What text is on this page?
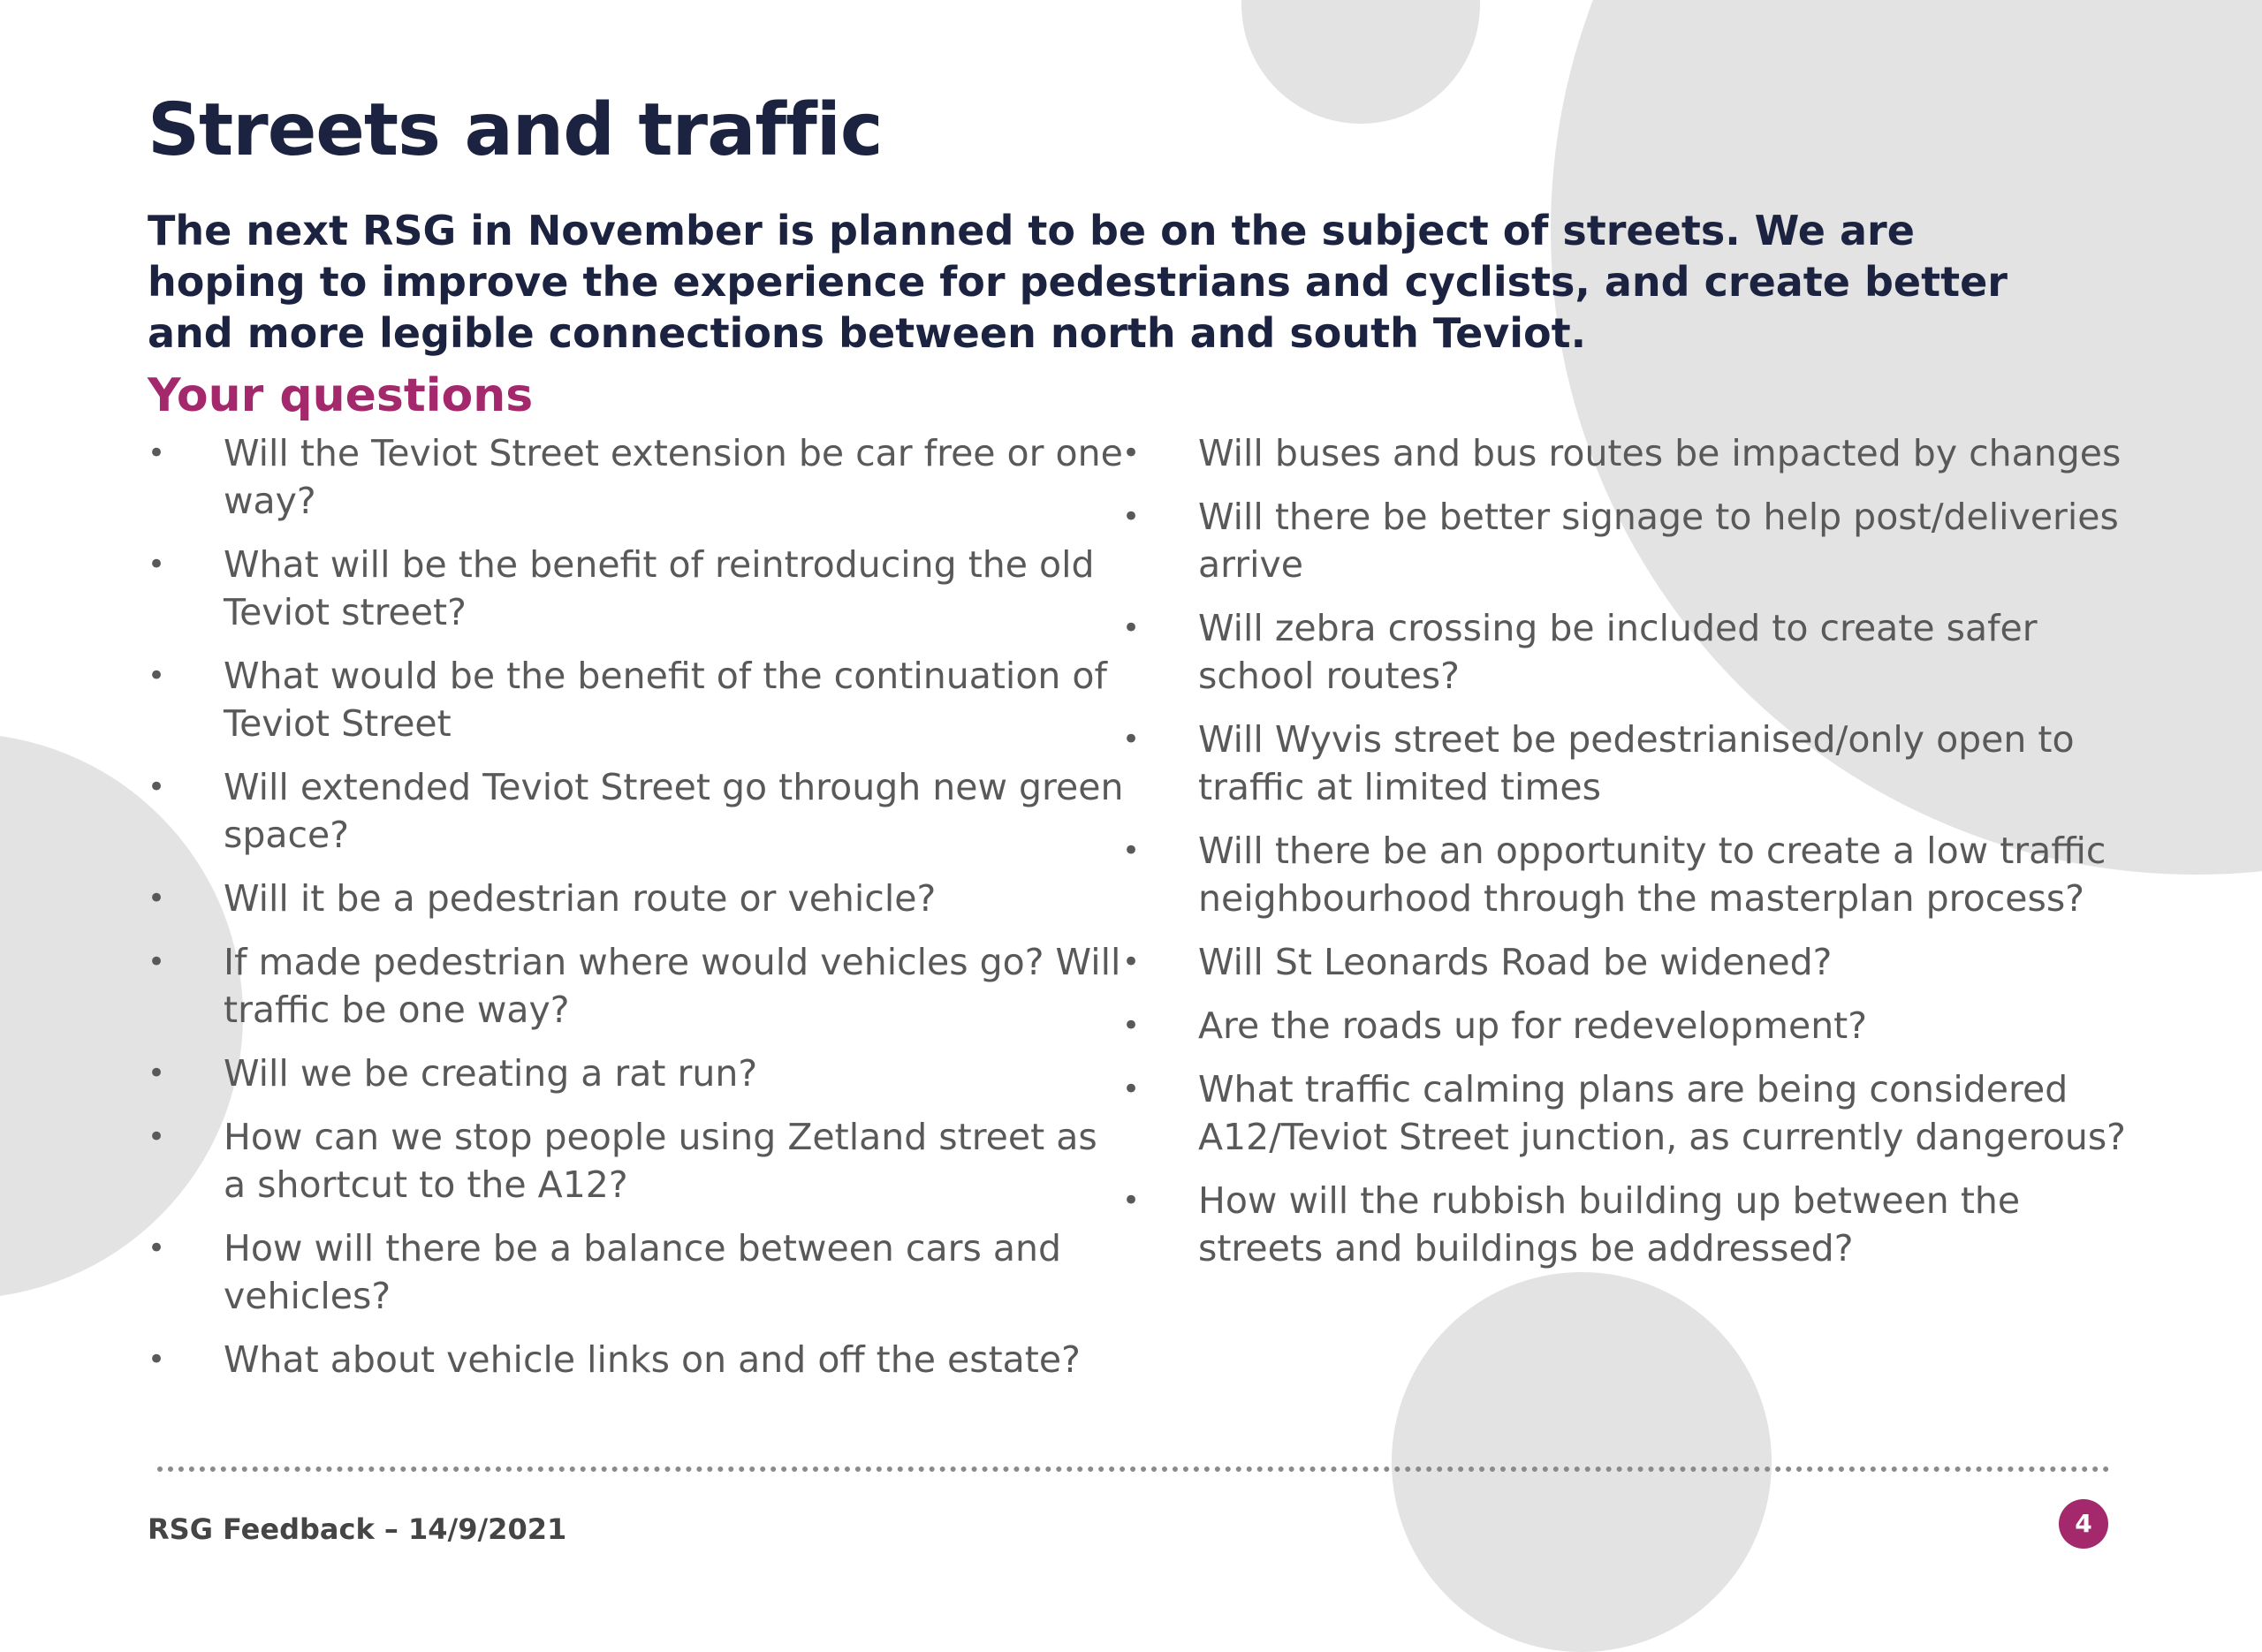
Streets and traffic
The next RSG in November is planned to be on the subject of streets. We are hoping to improve the experience for pedestrians and cyclists, and create better and more legible connections between north and south Teviot.
Your questions
•	Will the Teviot Street extension be car free or one way?
•	What will be the benefit of reintroducing the old Teviot street?
•	What would be the benefit of the continuation of Teviot Street
•	Will extended Teviot Street go through new green space?
•	Will it be a pedestrian route or vehicle?
•	If made pedestrian where would vehicles go? Will traffic be one way?
•	Will we be creating a rat run?
•	How can we stop people using Zetland street as a shortcut to the A12?
•	How will there be a balance between cars and vehicles?
•	What about vehicle links on and off the estate?
•	Will buses and bus routes be impacted by changes
•	Will there be better signage to help post/deliveries arrive
•	Will zebra crossing be included to create safer school routes?
•	Will Wyvis street be pedestrianised/only open to traffic at limited times
•	Will there be an opportunity to create a low traffic neighbourhood through the masterplan process?
•	Will St Leonards Road be widened?
•	Are the roads up for redevelopment?
•	What traffic calming plans are being considered A12/Teviot Street junction, as currently dangerous?
•	How will the rubbish building up between the streets and buildings be addressed?
RSG Feedback – 14/9/2021	4
